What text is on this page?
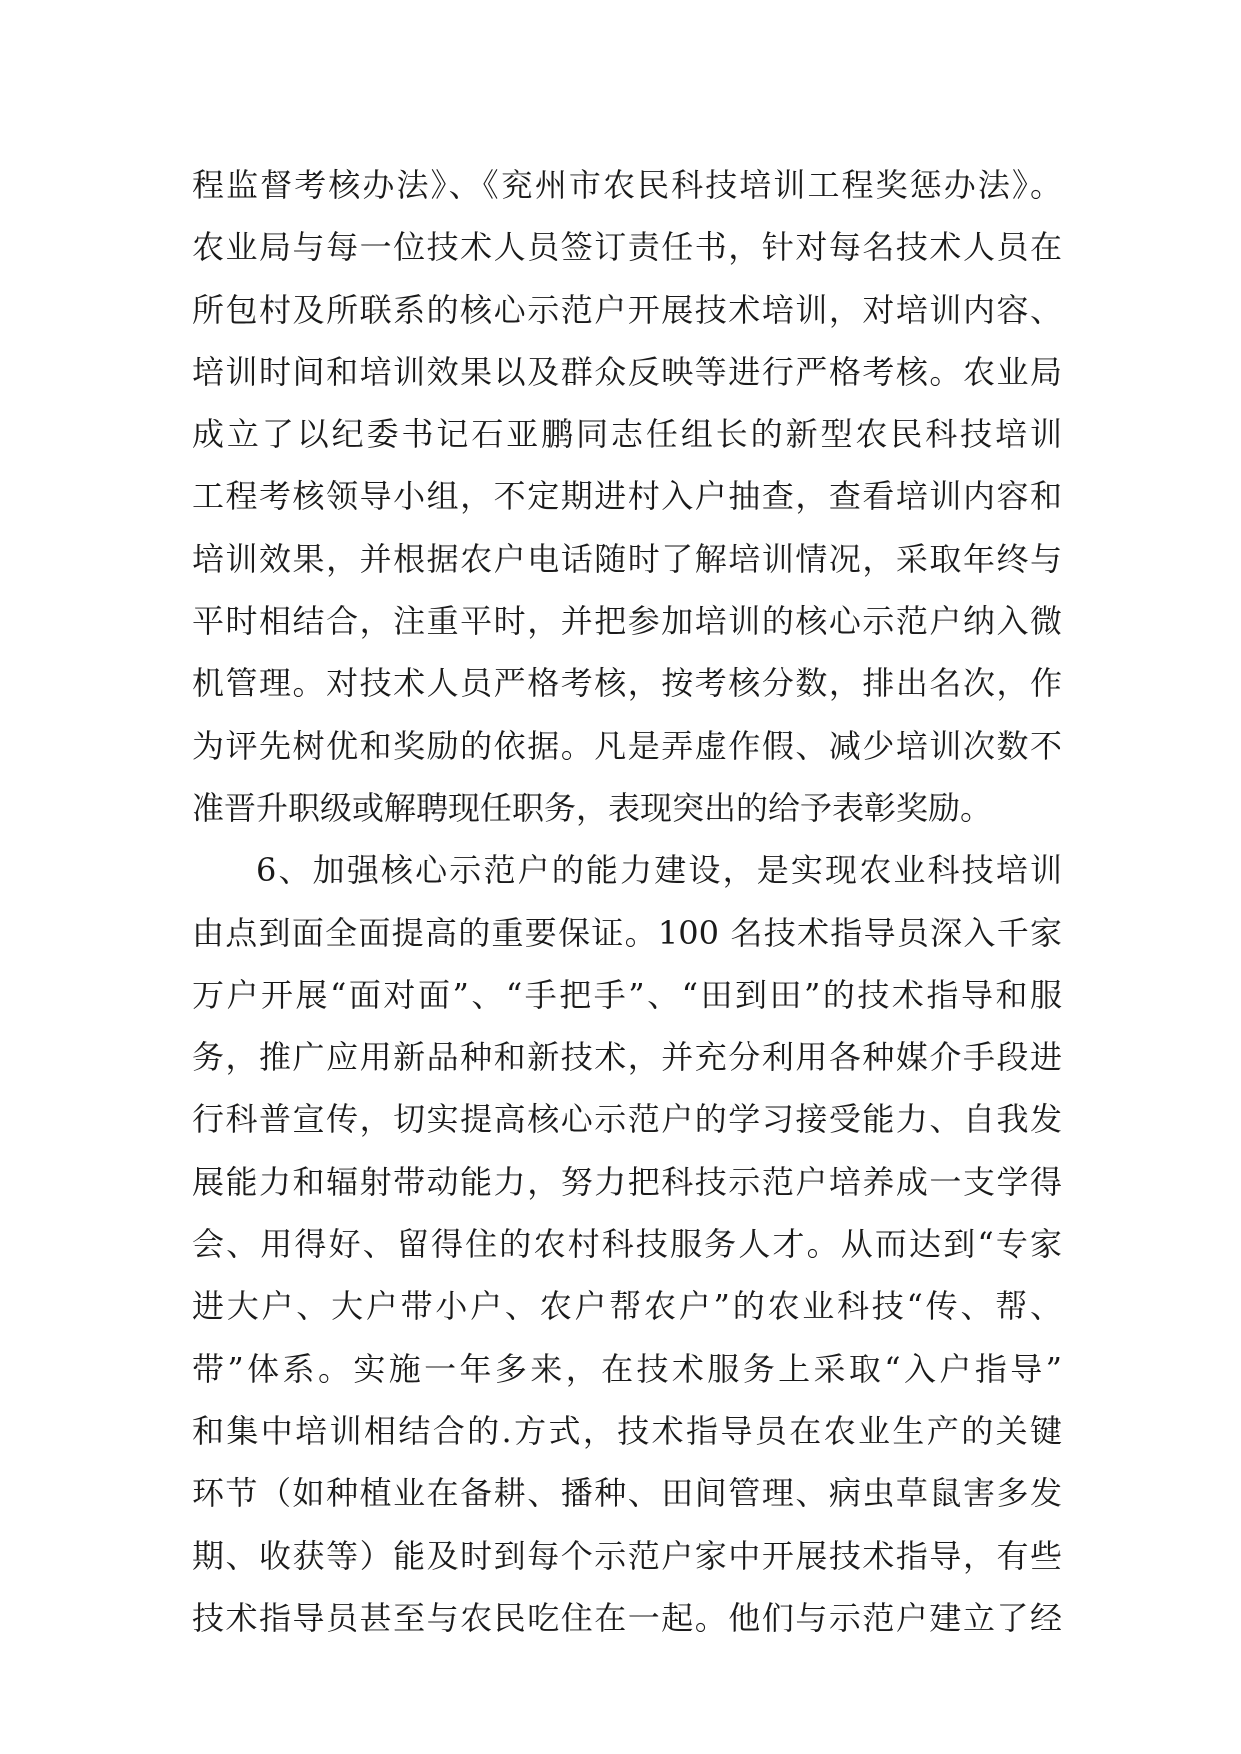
程监督考核办法》、《兖州市农民科技培训工程奖惩办法》。
农业局与每一位技术人员签订责任书，针对每名技术人员在
所包村及所联系的核心示范户开展技术培训，对培训内容、
培训时间和培训效果以及群众反映等进行严格考核。农业局
成立了以纪委书记石亚鹏同志任组长的新型农民科技培训
工程考核领导小组，不定期进村入户抽查，查看培训内容和
培训效果，并根据农户电话随时了解培训情况，采取年终与
平时相结合，注重平时，并把参加培训的核心示范户纳入微
机管理。对技术人员严格考核，按考核分数，排出名次，作
为评先树优和奖励的依据。凡是弄虚作假、减少培训次数不
准晋升职级或解聘现任职务，表现突出的给予表彰奖励。
6、加强核心示范户的能力建设，是实现农业科技培训
由点到面全面提高的重要保证。100 名技术指导员深入千家
万户开展“面对面”、“手把手”、“田到田”的技术指导和服
务，推广应用新品种和新技术，并充分利用各种媒介手段进
行科普宣传，切实提高核心示范户的学习接受能力、自我发
展能力和辐射带动能力，努力把科技示范户培养成一支学得
会、用得好、留得住的农村科技服务人才。从而达到“专家
进大户、大户带小户、农户帮农户”的农业科技“传、帮、
带”体系。实施一年多来，在技术服务上采取“入户指导”
和集中培训相结合的.方式，技术指导员在农业生产的关键
环节（如种植业在备耕、播种、田间管理、病虫草鼠害多发
期、收获等）能及时到每个示范户家中开展技术指导，有些
技术指导员甚至与农民吃住在一起。他们与示范户建立了经
